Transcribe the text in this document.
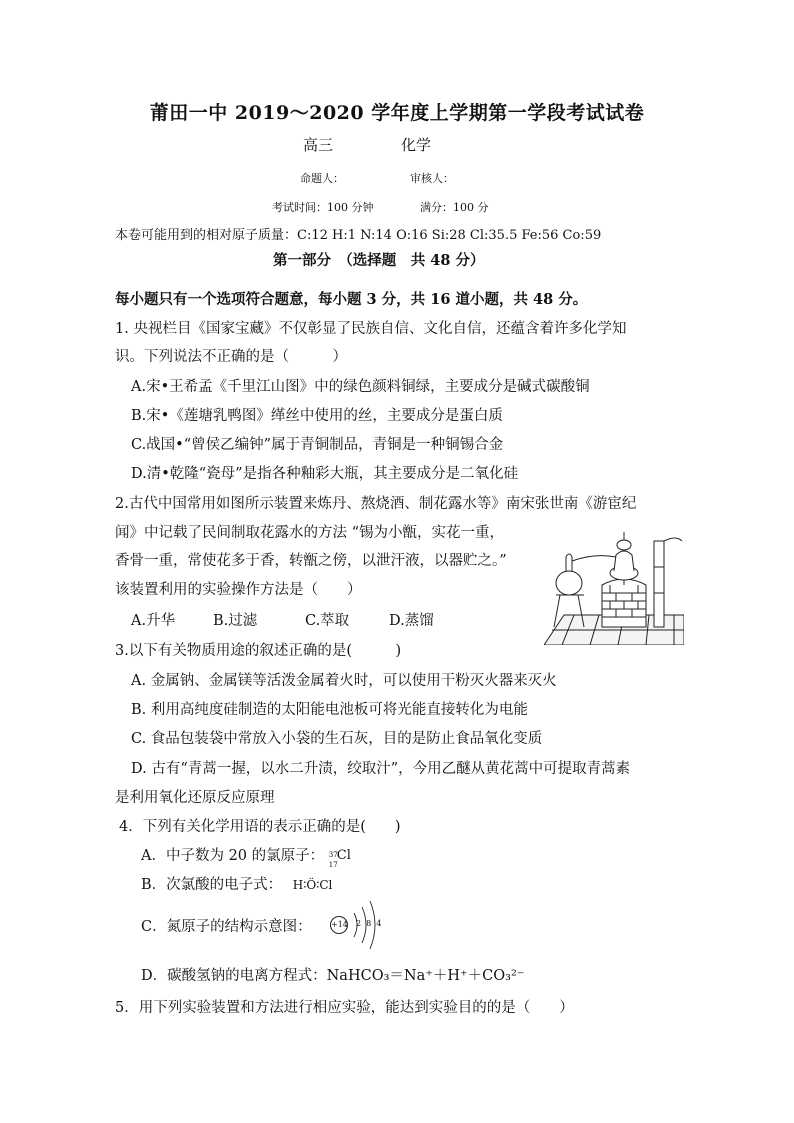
莆田一中 2019～2020 学年度上学期第一学段考试试卷
高三	化学
命题人：	审核人：
考试时间：100 分钟	满分：100 分
本卷可能用到的相对原子质量：C:12 H:1 N:14 O:16 Si:28 Cl:35.5 Fe:56 Co:59
第一部分　（选择题　共 48 分）
每小题只有一个选项符合题意，每小题 3 分，共 16 道小题，共 48 分。
1. 央视栏目《国家宝藏》不仅彰显了民族自信、文化自信，还蕴含着许多化学知
识。下列说法不正确的是（　　　）
A.宋•王希孟《千里江山图》中的绿色颜料铜绿，主要成分是碱式碳酸铜
B.宋•《莲塘乳鸭图》缂丝中使用的丝，主要成分是蛋白质
C.战国•“曾侯乙编钟”属于青铜制品，青铜是一种铜锡合金
D.清•乾隆“瓷母”是指各种釉彩大瓶，其主要成分是二氧化硅
2.古代中国常用如图所示装置来炼丹、熬烧酒、制花露水等》南宋张世南《游宦纪
闻》中记载了民间制取花露水的方法 “锡为小甑，实花一重，
香骨一重，常使花多于香，转甑之傍，以泄汗液，以器贮之。”
该装置利用的实验操作方法是（　　）
A.升华	B.过滤	C.萃取	D.蒸馏
3.以下有关物质用途的叙述正确的是(　　　)
A. 金属钠、金属镁等活泼金属着火时，可以使用干粉灭火器来灭火
B. 利用高纯度硅制造的太阳能电池板可将光能直接转化为电能
C. 食品包装袋中常放入小袋的生石灰，目的是防止食品氧化变质
D. 古有“青蒿一握，以水二升渍，绞取汁”，今用乙醚从黄花蒿中可提取青蒿素
是利用氧化还原反应原理
4．下列有关化学用语的表示正确的是(　　)
A．中子数为 20 的氯原子： 37
17
Cl
B．次氯酸的电子式： H∶Ö∶Cl
C．氮原子的结构示意图： +14 2  8  4
D．碳酸氢钠的电离方程式：NaHCO₃＝Na⁺＋H⁺＋CO₃²⁻
5．用下列实验装置和方法进行相应实验，能达到实验目的的是（　　）
